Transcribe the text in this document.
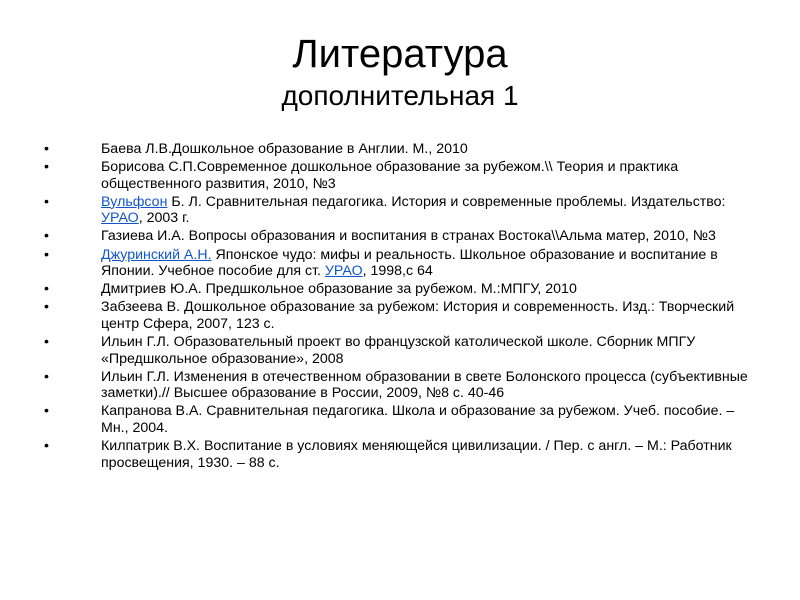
Литература
дополнительная 1
•	Баева Л.В.Дошкольное образование в Англии. М., 2010
•	Борисова С.П.Современное дошкольное образование за рубежом.\\ Теория и практика общественного развития, 2010, №3
•	Вульфсон Б. Л. Сравнительная педагогика. История и современные проблемы. Издательство: УРАО, 2003 г.
•	Газиева И.А. Вопросы образования и воспитания в странах Востока\\Альма матер, 2010, №3
•	Джуринский А.Н. Японское чудо: мифы и реальность. Школьное образование и воспитание в Японии. Учебное пособие для ст. УРАО, 1998,с 64
•	Дмитриев Ю.А. Предшкольное образование за рубежом. М.:МПГУ, 2010
•	Забзеева В. Дошкольное образование за рубежом: История и современность. Изд.: Творческий центр Сфера, 2007, 123 с.
•	Ильин Г.Л. Образовательный проект во французской католической школе. Сборник МПГУ «Предшкольное образование», 2008
•	Ильин Г.Л. Изменения в отечественном образовании в свете Болонского процесса (субъективные заметки).// Высшее образование в России, 2009, №8 с. 40-46
•	Капранова В.А. Сравнительная педагогика. Школа и образование за рубежом. Учеб. пособие. – Мн., 2004.
•	Килпатрик В.Х. Воспитание в условиях меняющейся цивилизации. / Пер. с англ. – М.: Работник просвещения, 1930. – 88 с.
